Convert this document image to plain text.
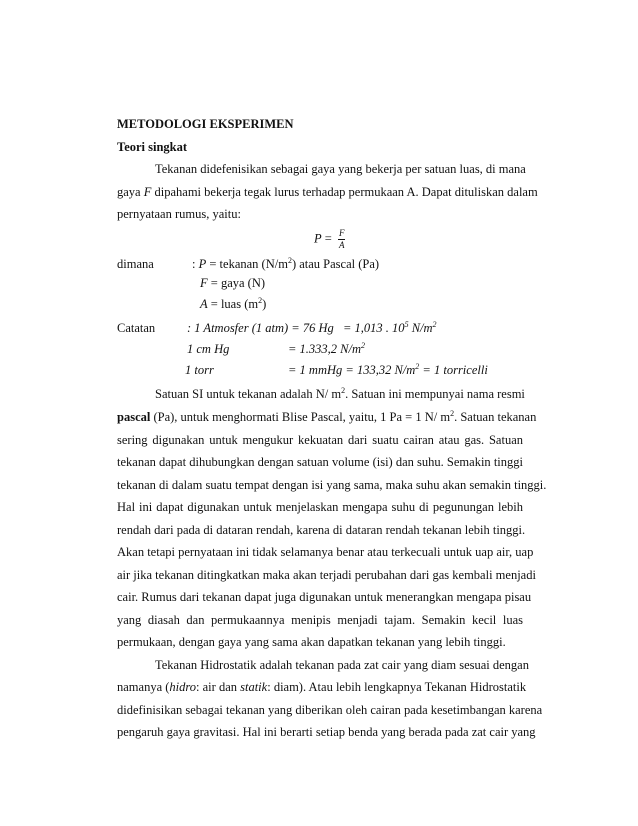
METODOLOGI EKSPERIMEN
Teori singkat
Tekanan didefenisikan sebagai gaya yang bekerja per satuan luas, di mana
gaya F dipahami bekerja tegak lurus terhadap permukaan A. Dapat dituliskan dalam
pernyataan rumus, yaitu:
$P = \frac{F}{A}$
dimana	: P = tekanan $(N/m^2)$ atau Pascal (Pa)
F = gaya (N)
A = luas $(m^2)$
Catatan	: 1 Atmosfer (1 atm) = 76 Hg = 1,013 . $10^5$ $N/m^2$
1 cm Hg	= 1.333,2 $N/m^2$
1 torr	= 1 mmHg = 133,32 $N/m^2 = 1$ torricelli
Satuan SI untuk tekanan adalah N/ $m^2$. Satuan ini mempunyai nama resmi
pascal (Pa), untuk menghormati Blise Pascal, yaitu, 1 Pa = 1 N/ $m^2$. Satuan tekanan
sering digunakan untuk mengukur kekuatan dari suatu cairan atau gas. Satuan
tekanan dapat dihubungkan dengan satuan volume (isi) dan suhu. Semakin tinggi
tekanan di dalam suatu tempat dengan isi yang sama, maka suhu akan semakin tinggi.
Hal ini dapat digunakan untuk menjelaskan mengapa suhu di pegunungan lebih
rendah dari pada di dataran rendah, karena di dataran rendah tekanan lebih tinggi.
Akan tetapi pernyataan ini tidak selamanya benar atau terkecuali untuk uap air, uap
air jika tekanan ditingkatkan maka akan terjadi perubahan dari gas kembali menjadi
cair. Rumus dari tekanan dapat juga digunakan untuk menerangkan mengapa pisau
yang diasah dan permukaannya menipis menjadi tajam. Semakin kecil luas
permukaan, dengan gaya yang sama akan dapatkan tekanan yang lebih tinggi.
Tekanan Hidrostatik adalah tekanan pada zat cair yang diam sesuai dengan
namanya (hidro: air dan statik: diam). Atau lebih lengkapnya Tekanan Hidrostatik
didefinisikan sebagai tekanan yang diberikan oleh cairan pada kesetimbangan karena
pengaruh gaya gravitasi. Hal ini berarti setiap benda yang berada pada zat cair yang
